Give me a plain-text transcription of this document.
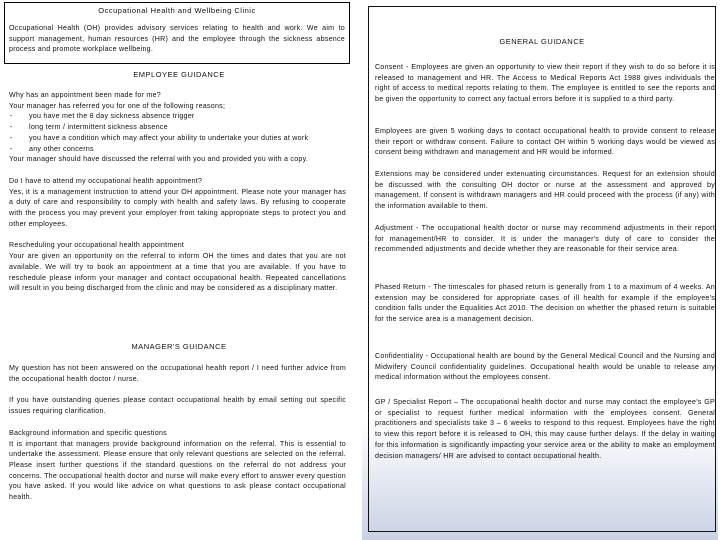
Occupational Health and Wellbeing Clinic

Occupational Health (OH) provides advisory services relating to health and work. We aim to support management, human resources (HR) and the employee through the sickness absence process and promote workplace wellbeing.

EMPLOYEE GUIDANCE

Why has an appointment been made for me?

Your manager has referred you for one of the following reasons;

- you have met the 8 day sickness absence trigger
- long term / intermittent sickness absence
- you have a condition which may affect your ability to undertake your duties at work
- any other concerns

Your manager should have discussed the referral with you and provided you with a copy.

Do I have to attend my occupational health appointment?

Yes, it is a management instruction to attend your OH appointment. Please note your manager has a duty of care and responsibility to comply with health and safety laws. By refusing to cooperate with the process you may prevent your employer from taking appropriate steps to protect you and other employees.

Rescheduling your occupational health appointment

Your are given an opportunity on the referral to inform OH the times and dates that you are not available. We will try to book an appointment at a time that you are available. If you have to reschedule please inform your manager and contact occupational health. Repeated cancellations will result in you being discharged from the clinic and may be considered as a disciplinary matter.

MANAGER'S GUIDANCE

My question has not been answered on the occupational health report / I need further advice from the occupational health doctor / nurse.

If you have outstanding queries please contact occupational health by email setting out specific issues requiring clarification.

Background information and specific questions

It is important that managers provide background information on the referral. This is essential to undertake the assessment. Please ensure that only relevant questions are selected on the referral. Please insert further questions if the standard questions on the referral do not address your concerns. The occupational health doctor and nurse will make every effort to answer every question you have asked. If you would like advice on what questions to ask please contact occupational health.

GENERAL GUIDANCE

Consent - Employees are given an opportunity to view their report if they wish to do so before it is released to management and HR. The Access to Medical Reports Act 1988 gives individuals the right of access to medical reports relating to them. The employee is entitled to see the reports and be given the opportunity to correct any factual errors before it is supplied to a third party.

Employees are given 5 working days to contact occupational health to provide consent to release their report or withdraw consent. Failure to contact OH within 5 working days would be viewed as consent being withdrawn and management and HR would be informed.

Extensions may be considered under extenuating circumstances. Request for an extension should be discussed with the consulting OH doctor or nurse at the assessment and approved by management. If consent is withdrawn managers and HR could proceed with the process (if any) with the information available to them.

Adjustment - The occupational health doctor or nurse may recommend adjustments in their report for management/HR to consider. It is under the manager's duty of care to consider the recommended adjustments and decide whether they are reasonable for their service area.

Phased Return - The timescales for phased return is generally from 1 to a maximum of 4 weeks. An extension may be considered for appropriate cases of ill health for example if the employee's condition falls under the Equalities Act 2010. The decision on whether the phased return is suitable for the service area is a management decision.

Confidentiality - Occupational health are bound by the General Medical Council and the Nursing and Midwifery Council confidentiality guidelines. Occupational health would be unable to release any medical information without the employees consent.

GP / Specialist Report – The occupational health doctor and nurse may contact the employee's GP or specialist to request further medical information with the employees consent. General practitioners and specialists take 3 – 6 weeks to respond to this request. Employees have the right to view this report before it is released to OH, this may cause further delays. If the delay in waiting for this information is significantly impacting your service area or the ability to make an employment decision managers/ HR are advised to contact occupational health.
